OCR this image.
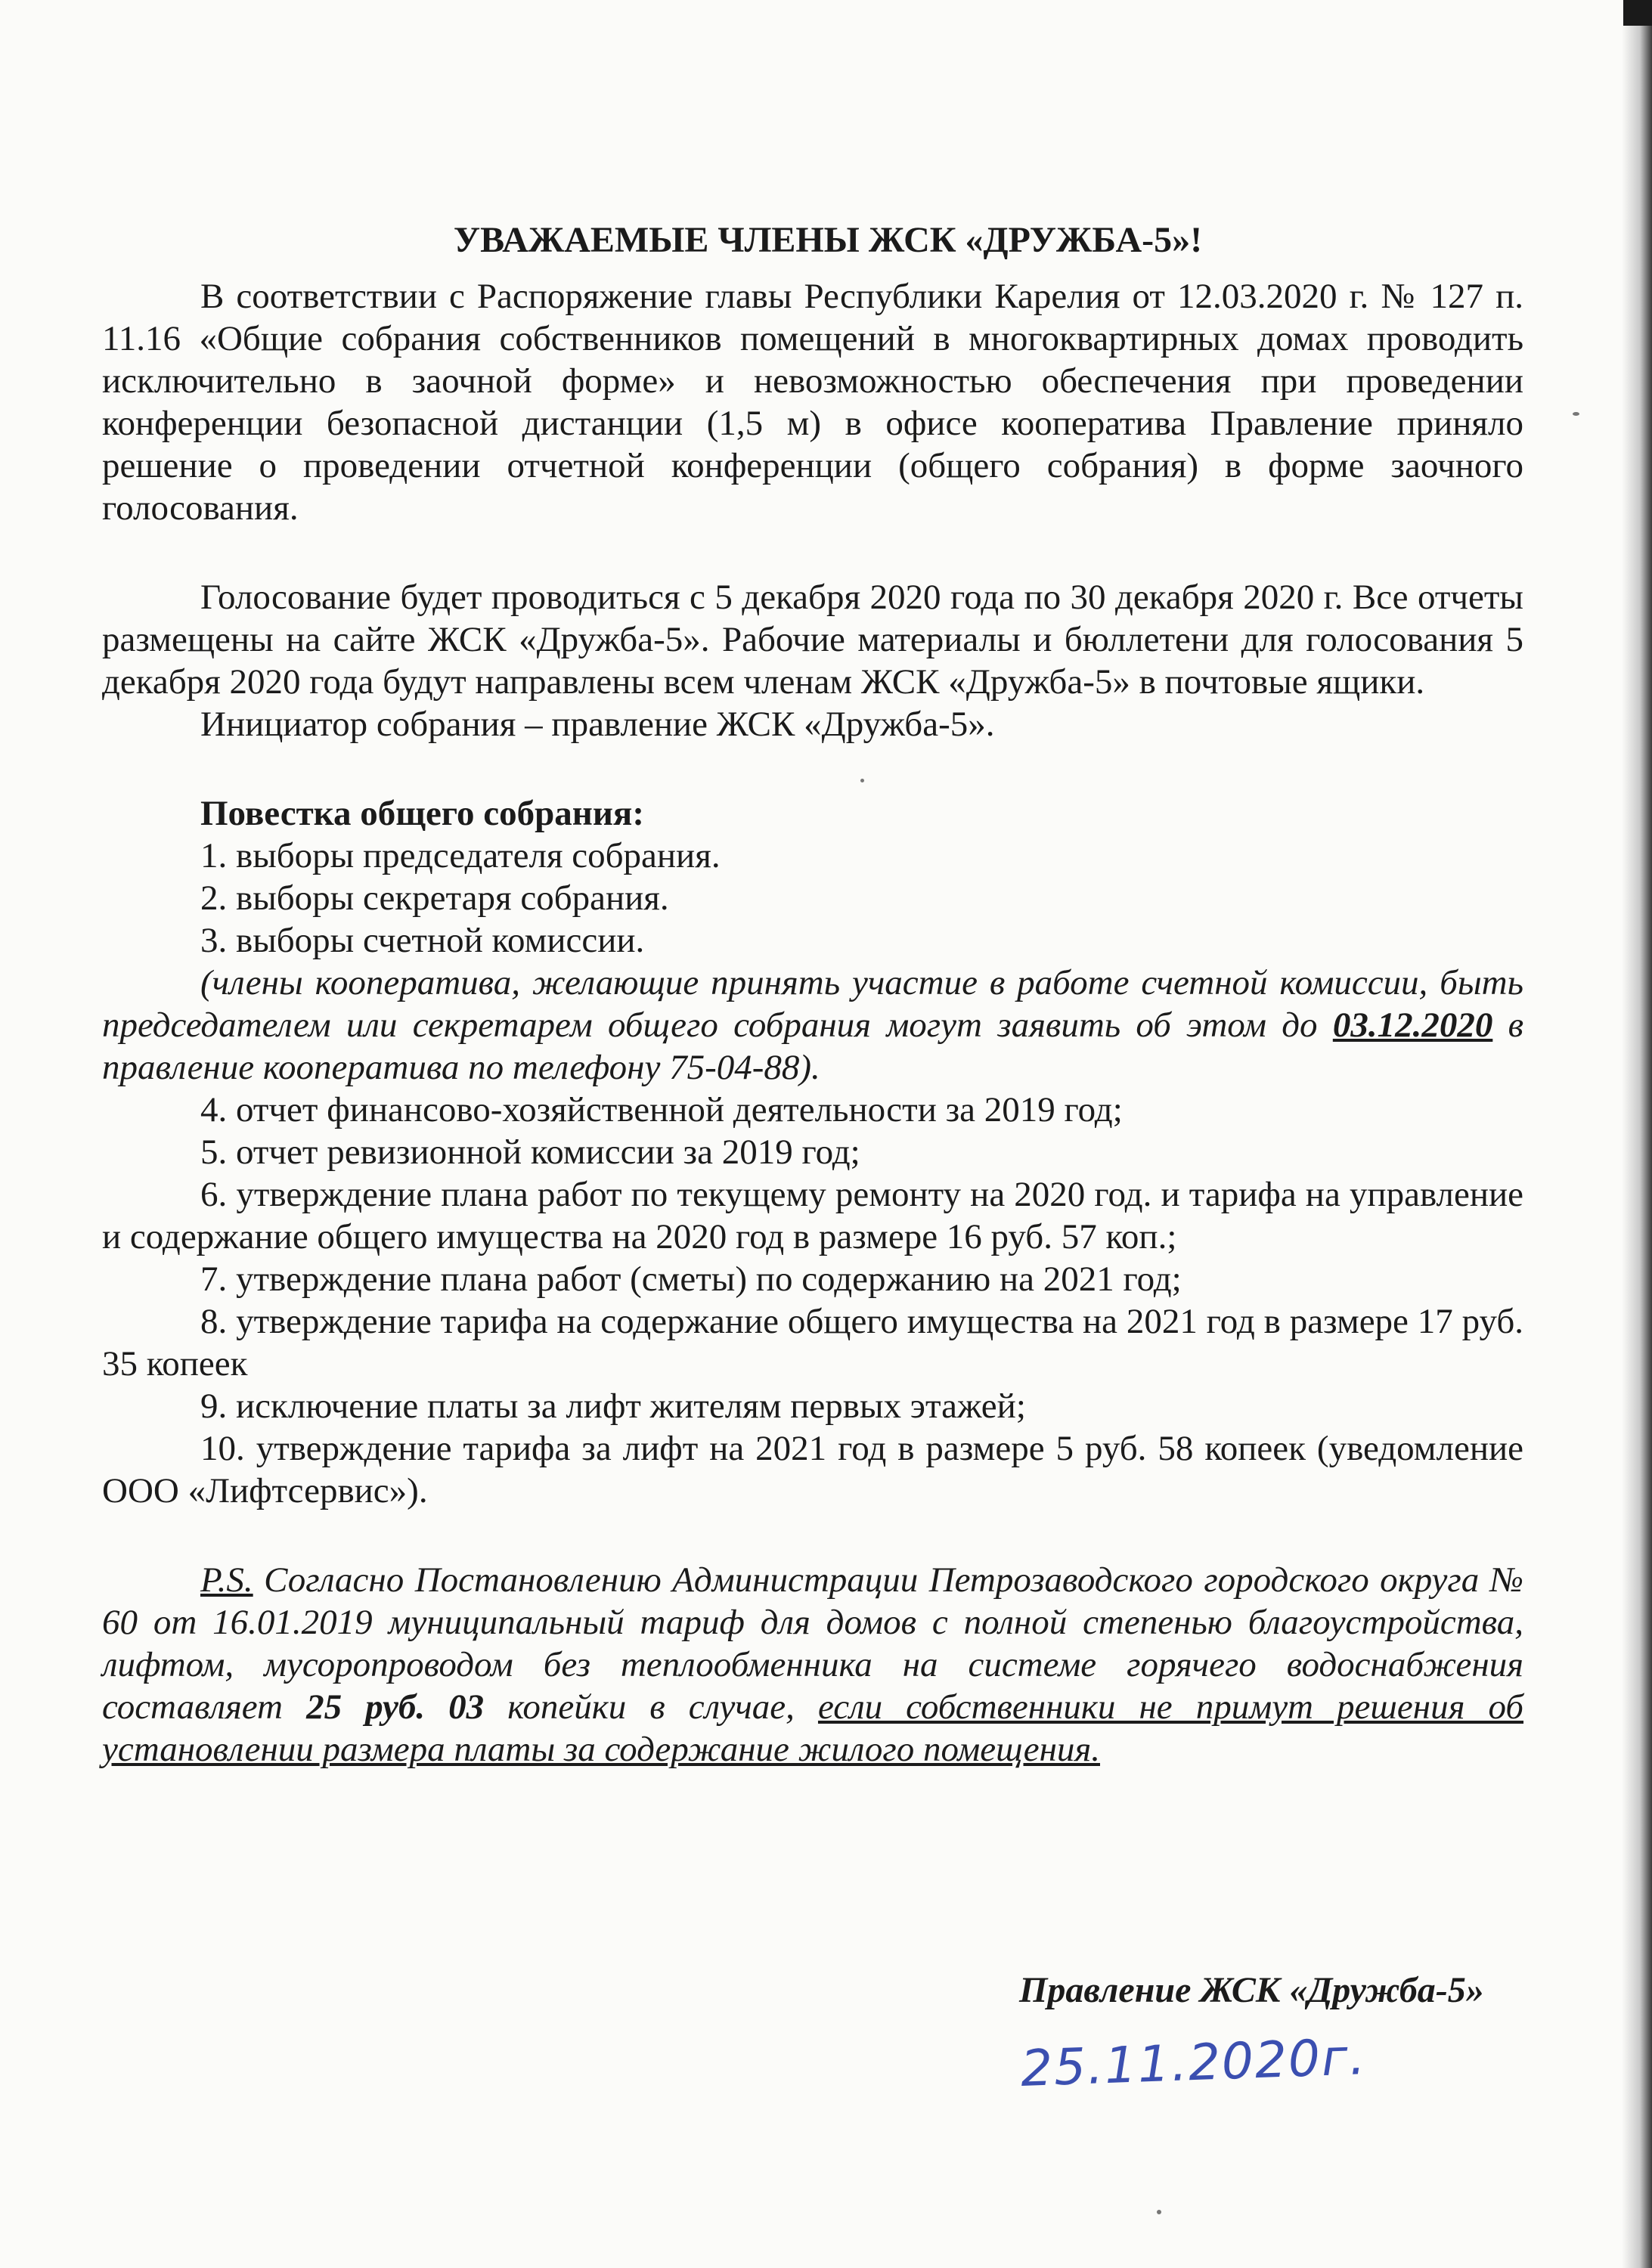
УВАЖАЕМЫЕ ЧЛЕНЫ ЖСК «ДРУЖБА-5»!

В соответствии с Распоряжение главы Республики Карелия от 12.03.2020 г. № 127 п. 11.16 «Общие собрания собственников помещений в многоквартирных домах проводить исключительно в заочной форме» и невозможностью обеспечения при проведении конференции безопасной дистанции (1,5 м) в офисе кооператива Правление приняло решение о проведении отчетной конференции (общего собрания) в форме заочного голосования.

Голосование будет проводиться с 5 декабря 2020 года по 30 декабря 2020 г. Все отчеты размещены на сайте ЖСК «Дружба-5». Рабочие материалы и бюллетени для голосования 5 декабря 2020 года будут направлены всем членам ЖСК «Дружба-5» в почтовые ящики.

Инициатор собрания – правление ЖСК «Дружба-5».

Повестка общего собрания:

1. выборы председателя собрания.

2. выборы секретаря собрания.

3. выборы счетной комиссии.

(члены кооператива, желающие принять участие в работе счетной комиссии, быть председателем или секретарем общего собрания могут заявить об этом до 03.12.2020 в правление кооператива по телефону 75-04-88).

4. отчет финансово-хозяйственной деятельности за 2019 год;

5. отчет ревизионной комиссии за 2019 год;

6. утверждение плана работ по текущему ремонту на 2020 год. и тарифа на управление и содержание общего имущества на 2020 год в размере 16 руб. 57 коп.;

7. утверждение плана работ (сметы) по содержанию на 2021 год;

8. утверждение тарифа на содержание общего имущества на 2021 год в размере 17 руб. 35 копеек

9. исключение платы за лифт жителям первых этажей;

10. утверждение тарифа за лифт на 2021 год в размере 5 руб. 58 копеек (уведомление ООО «Лифтсервис»).

P.S. Согласно Постановлению Администрации Петрозаводского городского округа № 60 от 16.01.2019 муниципальный тариф для домов с полной степенью благоустройства, лифтом, мусоропроводом без теплообменника на системе горячего водоснабжения составляет 25 руб. 03 копейки в случае, если собственники не примут решения об установлении размера платы за содержание жилого помещения.

Правление ЖСК «Дружба-5»
25.11.2020г.
